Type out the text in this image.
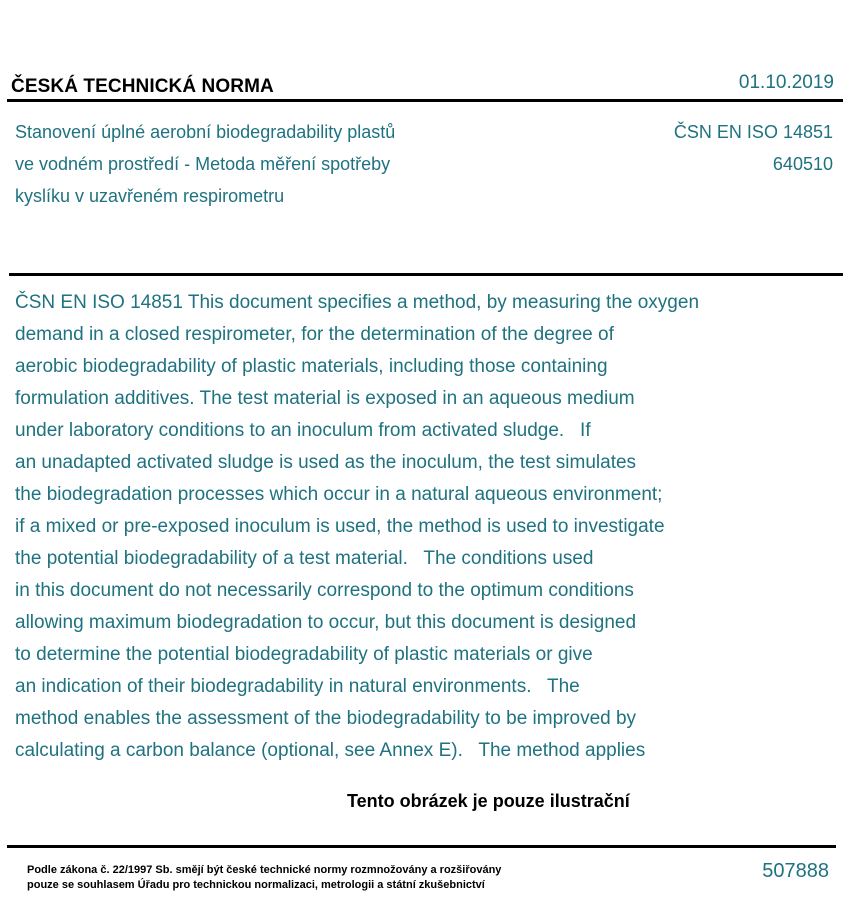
ČESKÁ TECHNICKÁ NORMA	01.10.2019
Stanovení úplné aerobní biodegradability plastů
ve vodném prostředí - Metoda měření spotřeby
kyslíku v uzavřeném respirometru
ČSN EN ISO 14851
640510
ČSN EN ISO 14851 This document specifies a method, by measuring the oxygen
demand in a closed respirometer, for the determination of the degree of
aerobic biodegradability of plastic materials, including those containing
formulation additives. The test material is exposed in an aqueous medium
under laboratory conditions to an inoculum from activated sludge.   If
an unadapted activated sludge is used as the inoculum, the test simulates
the biodegradation processes which occur in a natural aqueous environment;
if a mixed or pre-exposed inoculum is used, the method is used to investigate
the potential biodegradability of a test material.   The conditions used
in this document do not necessarily correspond to the optimum conditions
allowing maximum biodegradation to occur, but this document is designed
to determine the potential biodegradability of plastic materials or give
an indication of their biodegradability in natural environments.   The
method enables the assessment of the biodegradability to be improved by
calculating a carbon balance (optional, see Annex E).   The method applies
Tento obrázek je pouze ilustrační
Podle zákona č. 22/1997 Sb. smějí být české technické normy rozmnožovány a rozšiřovány
pouze se souhlasem Úřadu pro technickou normalizaci, metrologii a státní zkušebnictví
507888
